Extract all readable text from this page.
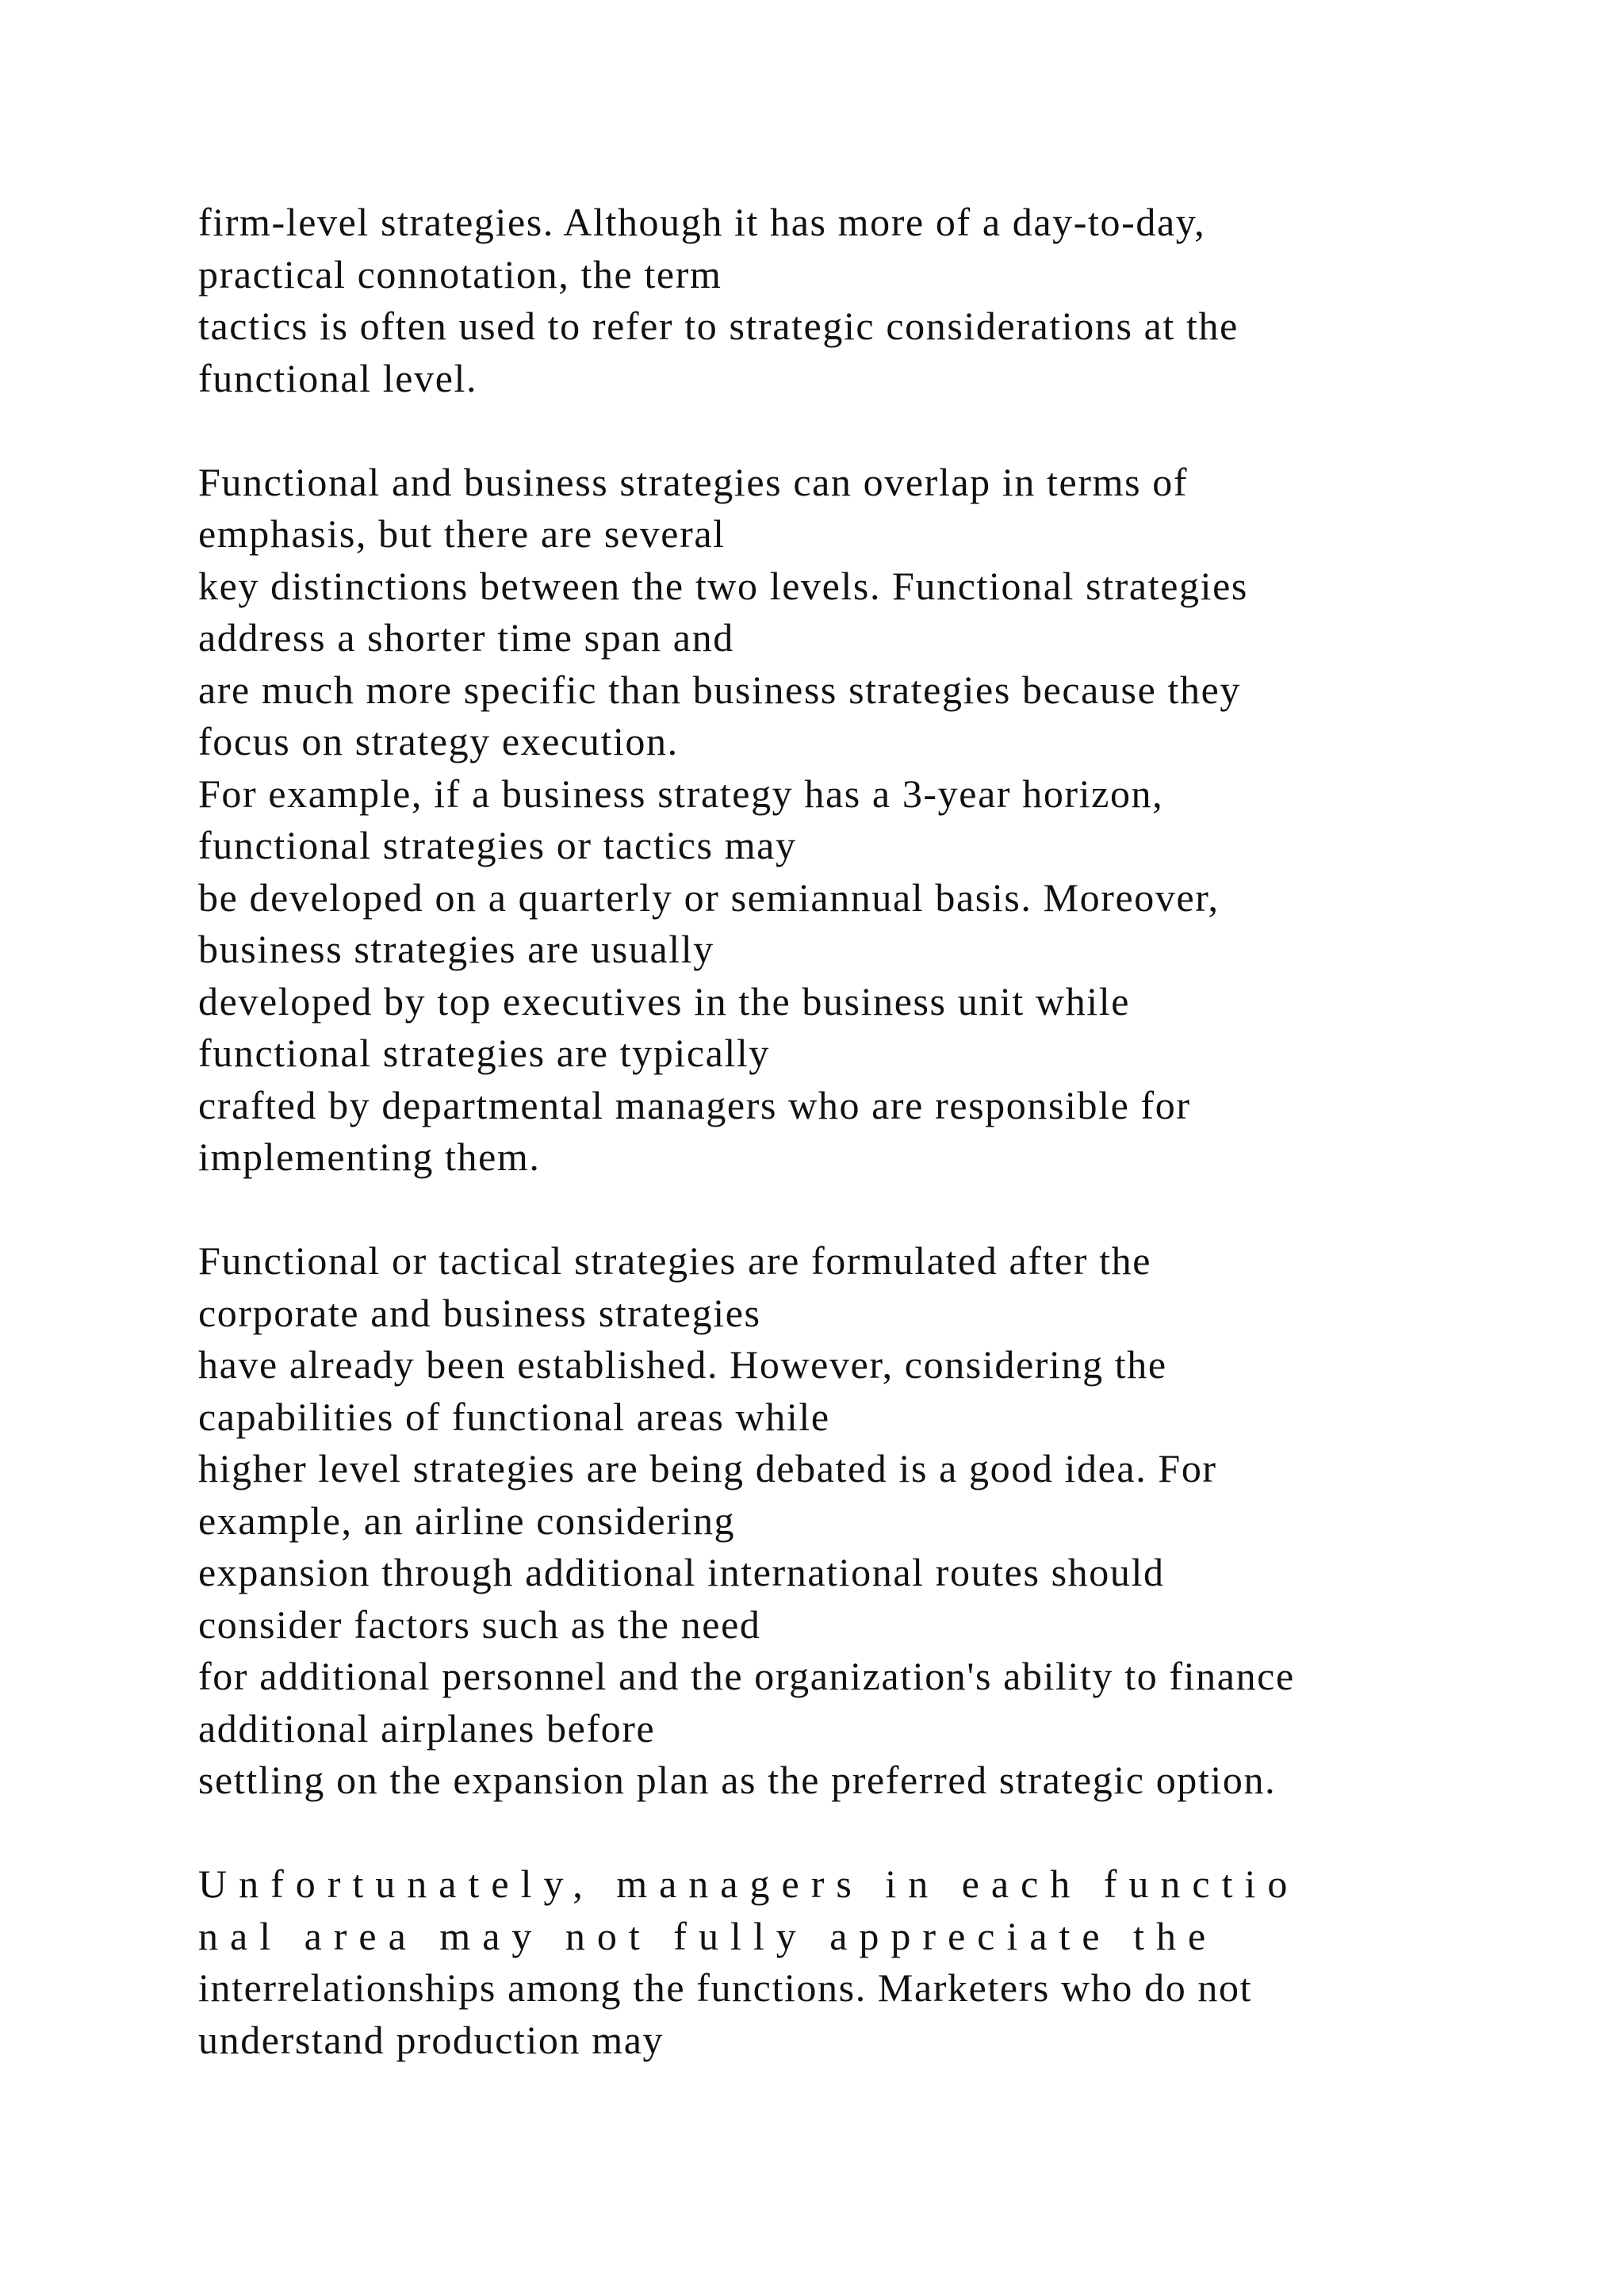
firm-level strategies. Although it has more of a day-to-day,
practical connotation, the term
tactics is often used to refer to strategic considerations at the
functional level.
Functional and business strategies can overlap in terms of
emphasis, but there are several
key distinctions between the two levels. Functional strategies
address a shorter time span and
are much more specific than business strategies because they
focus on strategy execution.
For example, if a business strategy has a 3-year horizon,
functional strategies or tactics may
be developed on a quarterly or semiannual basis. Moreover,
business strategies are usually
developed by top executives in the business unit while
functional strategies are typically
crafted by departmental managers who are responsible for
implementing them.
Functional or tactical strategies are formulated after the
corporate and business strategies
have already been established. However, considering the
capabilities of functional areas while
higher level strategies are being debated is a good idea. For
example, an airline considering
expansion through additional international routes should
consider factors such as the need
for additional personnel and the organization's ability to finance
additional airplanes before
settling on the expansion plan as the preferred strategic option.
Unfortunately, managers in each functio
nal area may not fully appreciate the
interrelationships among the functions. Marketers who do not
understand production may
